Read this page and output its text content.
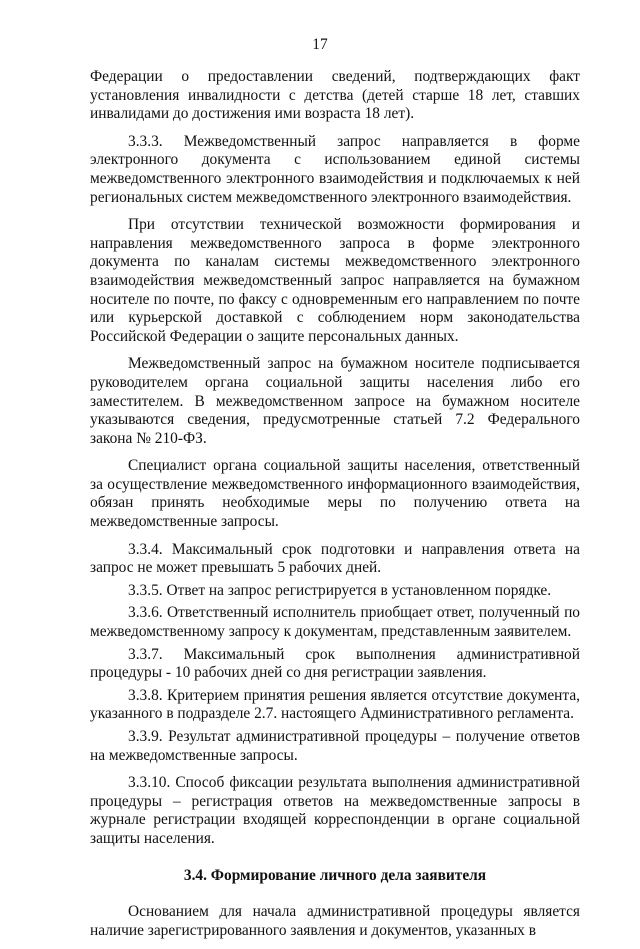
17

Федерации о предоставлении сведений, подтверждающих факт установления инвалидности с детства (детей старше 18 лет, ставших инвалидами до достижения ими возраста 18 лет).

3.3.3. Межведомственный запрос направляется в форме электронного документа с использованием единой системы межведомственного электронного взаимодействия и подключаемых к ней региональных систем межведомственного электронного взаимодействия.

При отсутствии технической возможности формирования и направления межведомственного запроса в форме электронного документа по каналам системы межведомственного электронного взаимодействия межведомственный запрос направляется на бумажном носителе по почте, по факсу с одновременным его направлением по почте или курьерской доставкой с соблюдением норм законодательства Российской Федерации о защите персональных данных.

Межведомственный запрос на бумажном носителе подписывается руководителем органа социальной защиты населения либо его заместителем. В межведомственном запросе на бумажном носителе указываются сведения, предусмотренные статьей 7.2 Федерального закона № 210-ФЗ.

Специалист органа социальной защиты населения, ответственный за осуществление межведомственного информационного взаимодействия, обязан принять необходимые меры по получению ответа на межведомственные запросы.

3.3.4. Максимальный срок подготовки и направления ответа на запрос не может превышать 5 рабочих дней.

3.3.5. Ответ на запрос регистрируется в установленном порядке.

3.3.6. Ответственный исполнитель приобщает ответ, полученный по межведомственному запросу к документам, представленным заявителем.

3.3.7. Максимальный срок выполнения административной процедуры - 10 рабочих дней со дня регистрации заявления.

3.3.8. Критерием принятия решения является отсутствие документа, указанного в подразделе 2.7. настоящего Административного регламента.

3.3.9. Результат административной процедуры – получение ответов на межведомственные запросы.

3.3.10. Способ фиксации результата выполнения административной процедуры – регистрация ответов на межведомственные запросы в журнале регистрации входящей корреспонденции в органе социальной защиты населения.

3.4. Формирование личного дела заявителя

Основанием для начала административной процедуры является наличие зарегистрированного заявления и документов, указанных в
